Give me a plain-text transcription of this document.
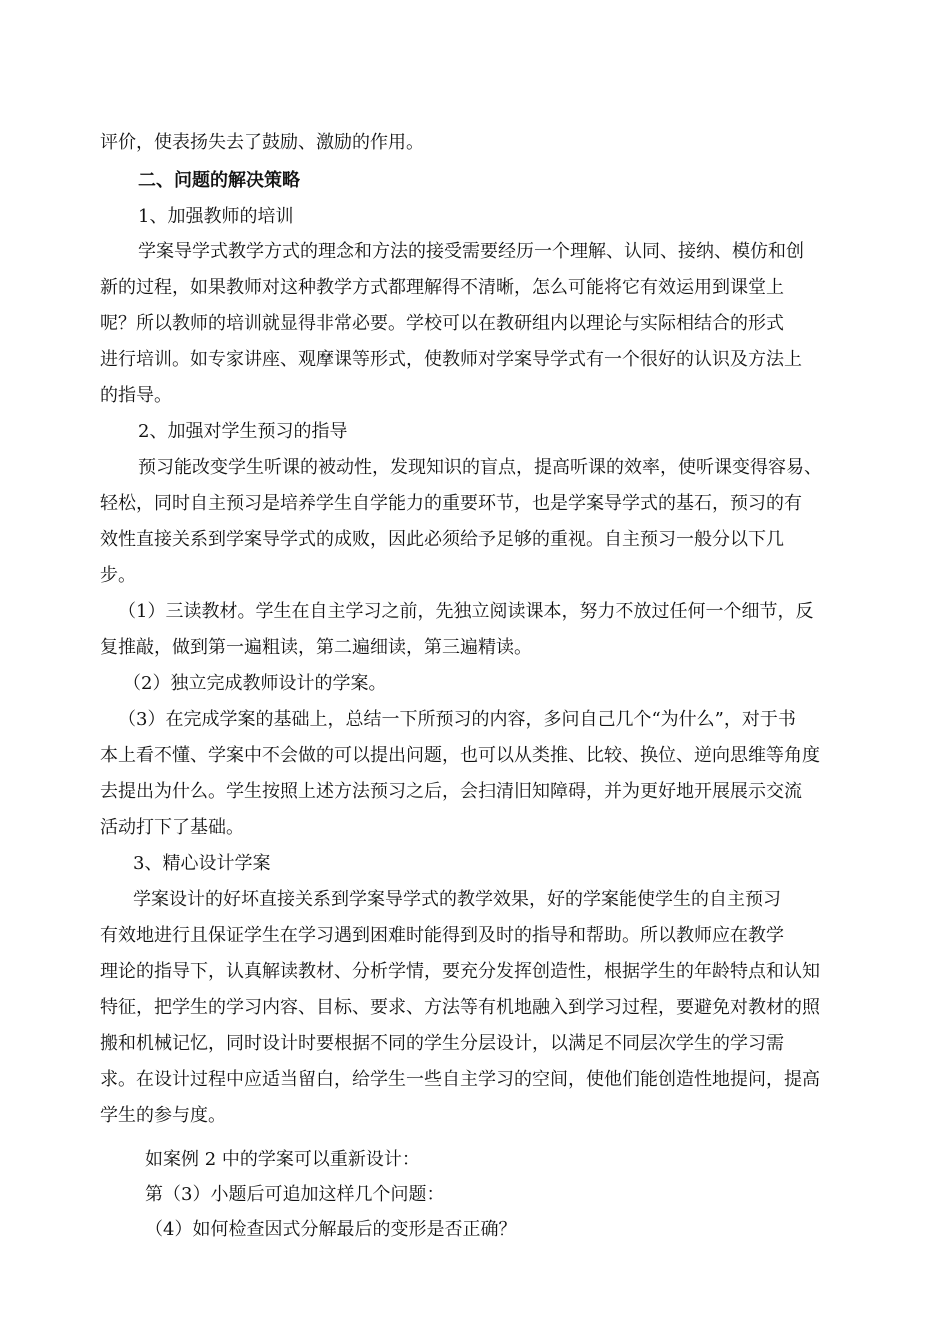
评价，使表扬失去了鼓励、激励的作用。
二、问题的解决策略
1、加强教师的培训
学案导学式教学方式的理念和方法的接受需要经历一个理解、认同、接纳、模仿和创
新的过程，如果教师对这种教学方式都理解得不清晰，怎么可能将它有效运用到课堂上
呢？所以教师的培训就显得非常必要。学校可以在教研组内以理论与实际相结合的形式
进行培训。如专家讲座、观摩课等形式，使教师对学案导学式有一个很好的认识及方法上
的指导。
2、加强对学生预习的指导
预习能改变学生听课的被动性，发现知识的盲点，提高听课的效率，使听课变得容易、
轻松，同时自主预习是培养学生自学能力的重要环节，也是学案导学式的基石，预习的有
效性直接关系到学案导学式的成败，因此必须给予足够的重视。自主预习一般分以下几
步。
（1）三读教材。学生在自主学习之前，先独立阅读课本，努力不放过任何一个细节，反
复推敲，做到第一遍粗读，第二遍细读，第三遍精读。
（2）独立完成教师设计的学案。
（3）在完成学案的基础上，总结一下所预习的内容，多问自己几个“为什么”，对于书
本上看不懂、学案中不会做的可以提出问题，也可以从类推、比较、换位、逆向思维等角度
去提出为什么。学生按照上述方法预习之后，会扫清旧知障碍，并为更好地开展展示交流
活动打下了基础。
3、精心设计学案
学案设计的好坏直接关系到学案导学式的教学效果，好的学案能使学生的自主预习
有效地进行且保证学生在学习遇到困难时能得到及时的指导和帮助。所以教师应在教学
理论的指导下，认真解读教材、分析学情，要充分发挥创造性，根据学生的年龄特点和认知
特征，把学生的学习内容、目标、要求、方法等有机地融入到学习过程，要避免对教材的照
搬和机械记忆，同时设计时要根据不同的学生分层设计，以满足不同层次学生的学习需
求。在设计过程中应适当留白，给学生一些自主学习的空间，使他们能创造性地提问，提高
学生的参与度。
如案例 2 中的学案可以重新设计：
第（3）小题后可追加这样几个问题：
（4）如何检查因式分解最后的变形是否正确？
